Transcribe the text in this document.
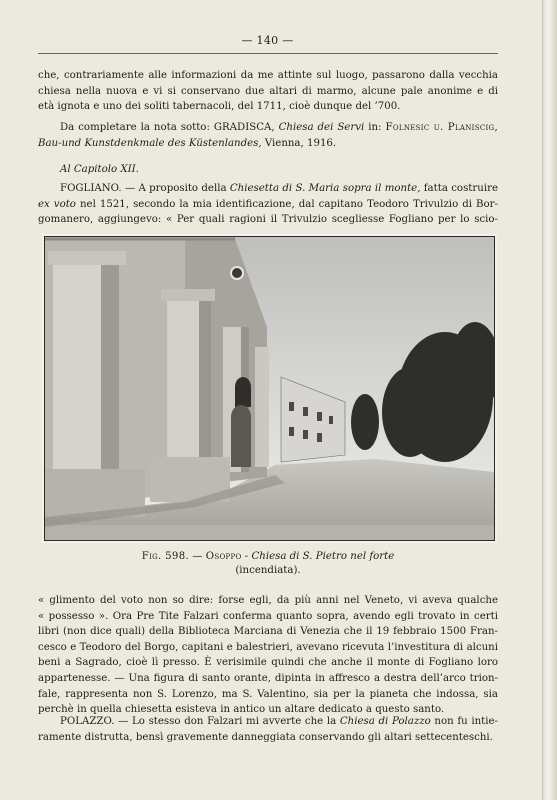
— 140 —

che, contrariamente alle informazioni da me attinte sul luogo, passarono dalla vecchia
chiesa nella nuova e vi si conservano due altari di marmo, alcune pale anonime e di
età ignota e uno dei soliti tabernacoli, del 1711, cioè dunque del ’700.

Da completare la nota sotto: GRADISCA, Chiesa dei Servi in: Folnesic u. Planiscig,
Bau-und Kunstdenkmale des Küstenlandes, Vienna, 1916.

Al Capitolo XII.

FOGLIANO. — A proposito della Chiesetta di S. Maria sopra il monte, fatta costruire
ex voto nel 1521, secondo la mia identificazione, dal capitano Teodoro Trivulzio di Bor-
gomanero, aggiungevo: « Per quali ragioni il Trivulzio scegliesse Fogliano per lo scio-

Fig. 598. — Osoppo - Chiesa di S. Pietro nel forte
(incendiata).

« glimento del voto non so dire: forse egli, da più anni nel Veneto, vi aveva qualche
« possesso ». Ora Pre Tite Falzari conferma quanto sopra, avendo egli trovato in certi
libri (non dice quali) della Biblioteca Marciana di Venezia che il 19 febbraio 1500 Fran-
cesco e Teodoro del Borgo, capitani e balestrieri, avevano ricevuta l’investitura di alcuni
beni a Sagrado, cioè lì presso. È verisimile quindi che anche il monte di Fogliano loro
appartenesse. — Una figura di santo orante, dipinta in affresco a destra dell’arco trion-
fale, rappresenta non S. Lorenzo, ma S. Valentino, sia per la pianeta che indossa, sia
perchè in quella chiesetta esisteva in antico un altare dedicato a questo santo.

POLAZZO. — Lo stesso don Falzari mi avverte che la Chiesa di Polazzo non fu intie-
ramente distrutta, bensì gravemente danneggiata conservando gli altari settecenteschi.
